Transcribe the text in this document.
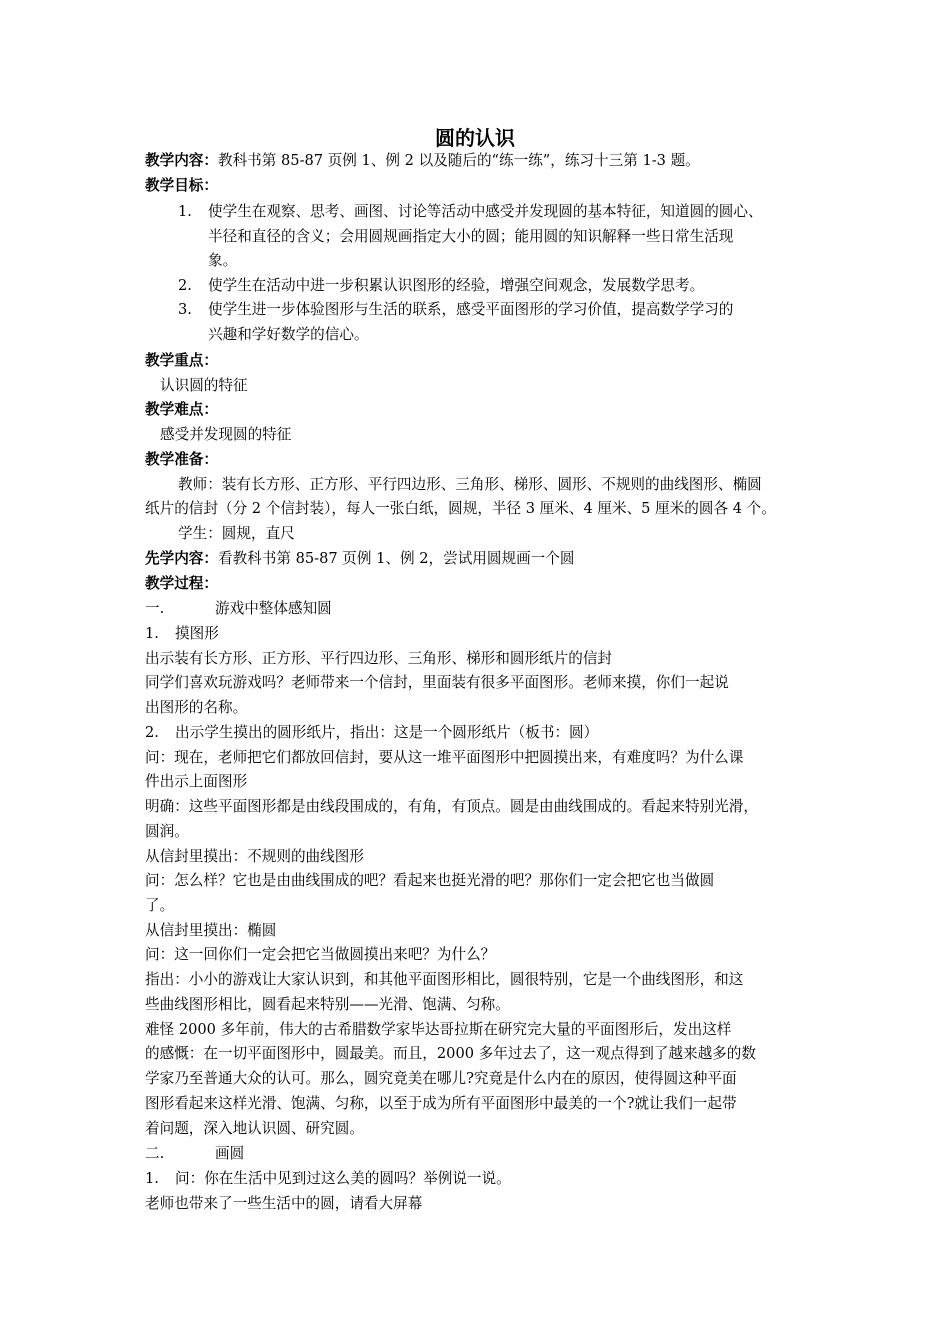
圆的认识
教学内容：教科书第 85-87 页例 1、例 2 以及随后的“练一练”，练习十三第 1-3 题。
教学目标：
1. 使学生在观察、思考、画图、讨论等活动中感受并发现圆的基本特征，知道圆的圆心、
半径和直径的含义；会用圆规画指定大小的圆；能用圆的知识解释一些日常生活现
象。
2. 使学生在活动中进一步积累认识图形的经验，增强空间观念，发展数学思考。
3. 使学生进一步体验图形与生活的联系，感受平面图形的学习价值，提高数学学习的
兴趣和学好数学的信心。
教学重点：
认识圆的特征
教学难点：
感受并发现圆的特征
教学准备：
教师：装有长方形、正方形、平行四边形、三角形、梯形、圆形、不规则的曲线图形、椭圆
纸片的信封（分 2 个信封装），每人一张白纸，圆规，半径 3 厘米、4 厘米、5 厘米的圆各 4 个。
学生：圆规，直尺
先学内容：看教科书第 85-87 页例 1、例 2，尝试用圆规画一个圆
教学过程：
一.	游戏中整体感知圆
1. 摸图形
出示装有长方形、正方形、平行四边形、三角形、梯形和圆形纸片的信封
同学们喜欢玩游戏吗？老师带来一个信封，里面装有很多平面图形。老师来摸，你们一起说
出图形的名称。
2. 出示学生摸出的圆形纸片，指出：这是一个圆形纸片（板书：圆）
问：现在，老师把它们都放回信封，要从这一堆平面图形中把圆摸出来，有难度吗？为什么课
件出示上面图形
明确：这些平面图形都是由线段围成的，有角，有顶点。圆是由曲线围成的。看起来特别光滑，
圆润。
从信封里摸出：不规则的曲线图形
问：怎么样？它也是由曲线围成的吧？看起来也挺光滑的吧？那你们一定会把它也当做圆
了。
从信封里摸出：椭圆
问：这一回你们一定会把它当做圆摸出来吧？为什么？
指出：小小的游戏让大家认识到，和其他平面图形相比，圆很特别，它是一个曲线图形，和这
些曲线图形相比，圆看起来特别——光滑、饱满、匀称。
难怪 2000 多年前，伟大的古希腊数学家毕达哥拉斯在研究完大量的平面图形后，发出这样
的感慨：在一切平面图形中，圆最美。而且，2000 多年过去了，这一观点得到了越来越多的数
学家乃至普通大众的认可。那么，圆究竟美在哪儿?究竟是什么内在的原因，使得圆这种平面
图形看起来这样光滑、饱满、匀称，以至于成为所有平面图形中最美的一个?就让我们一起带
着问题，深入地认识圆、研究圆。
二.	画圆
1. 问：你在生活中见到过这么美的圆吗？举例说一说。
老师也带来了一些生活中的圆，请看大屏幕
